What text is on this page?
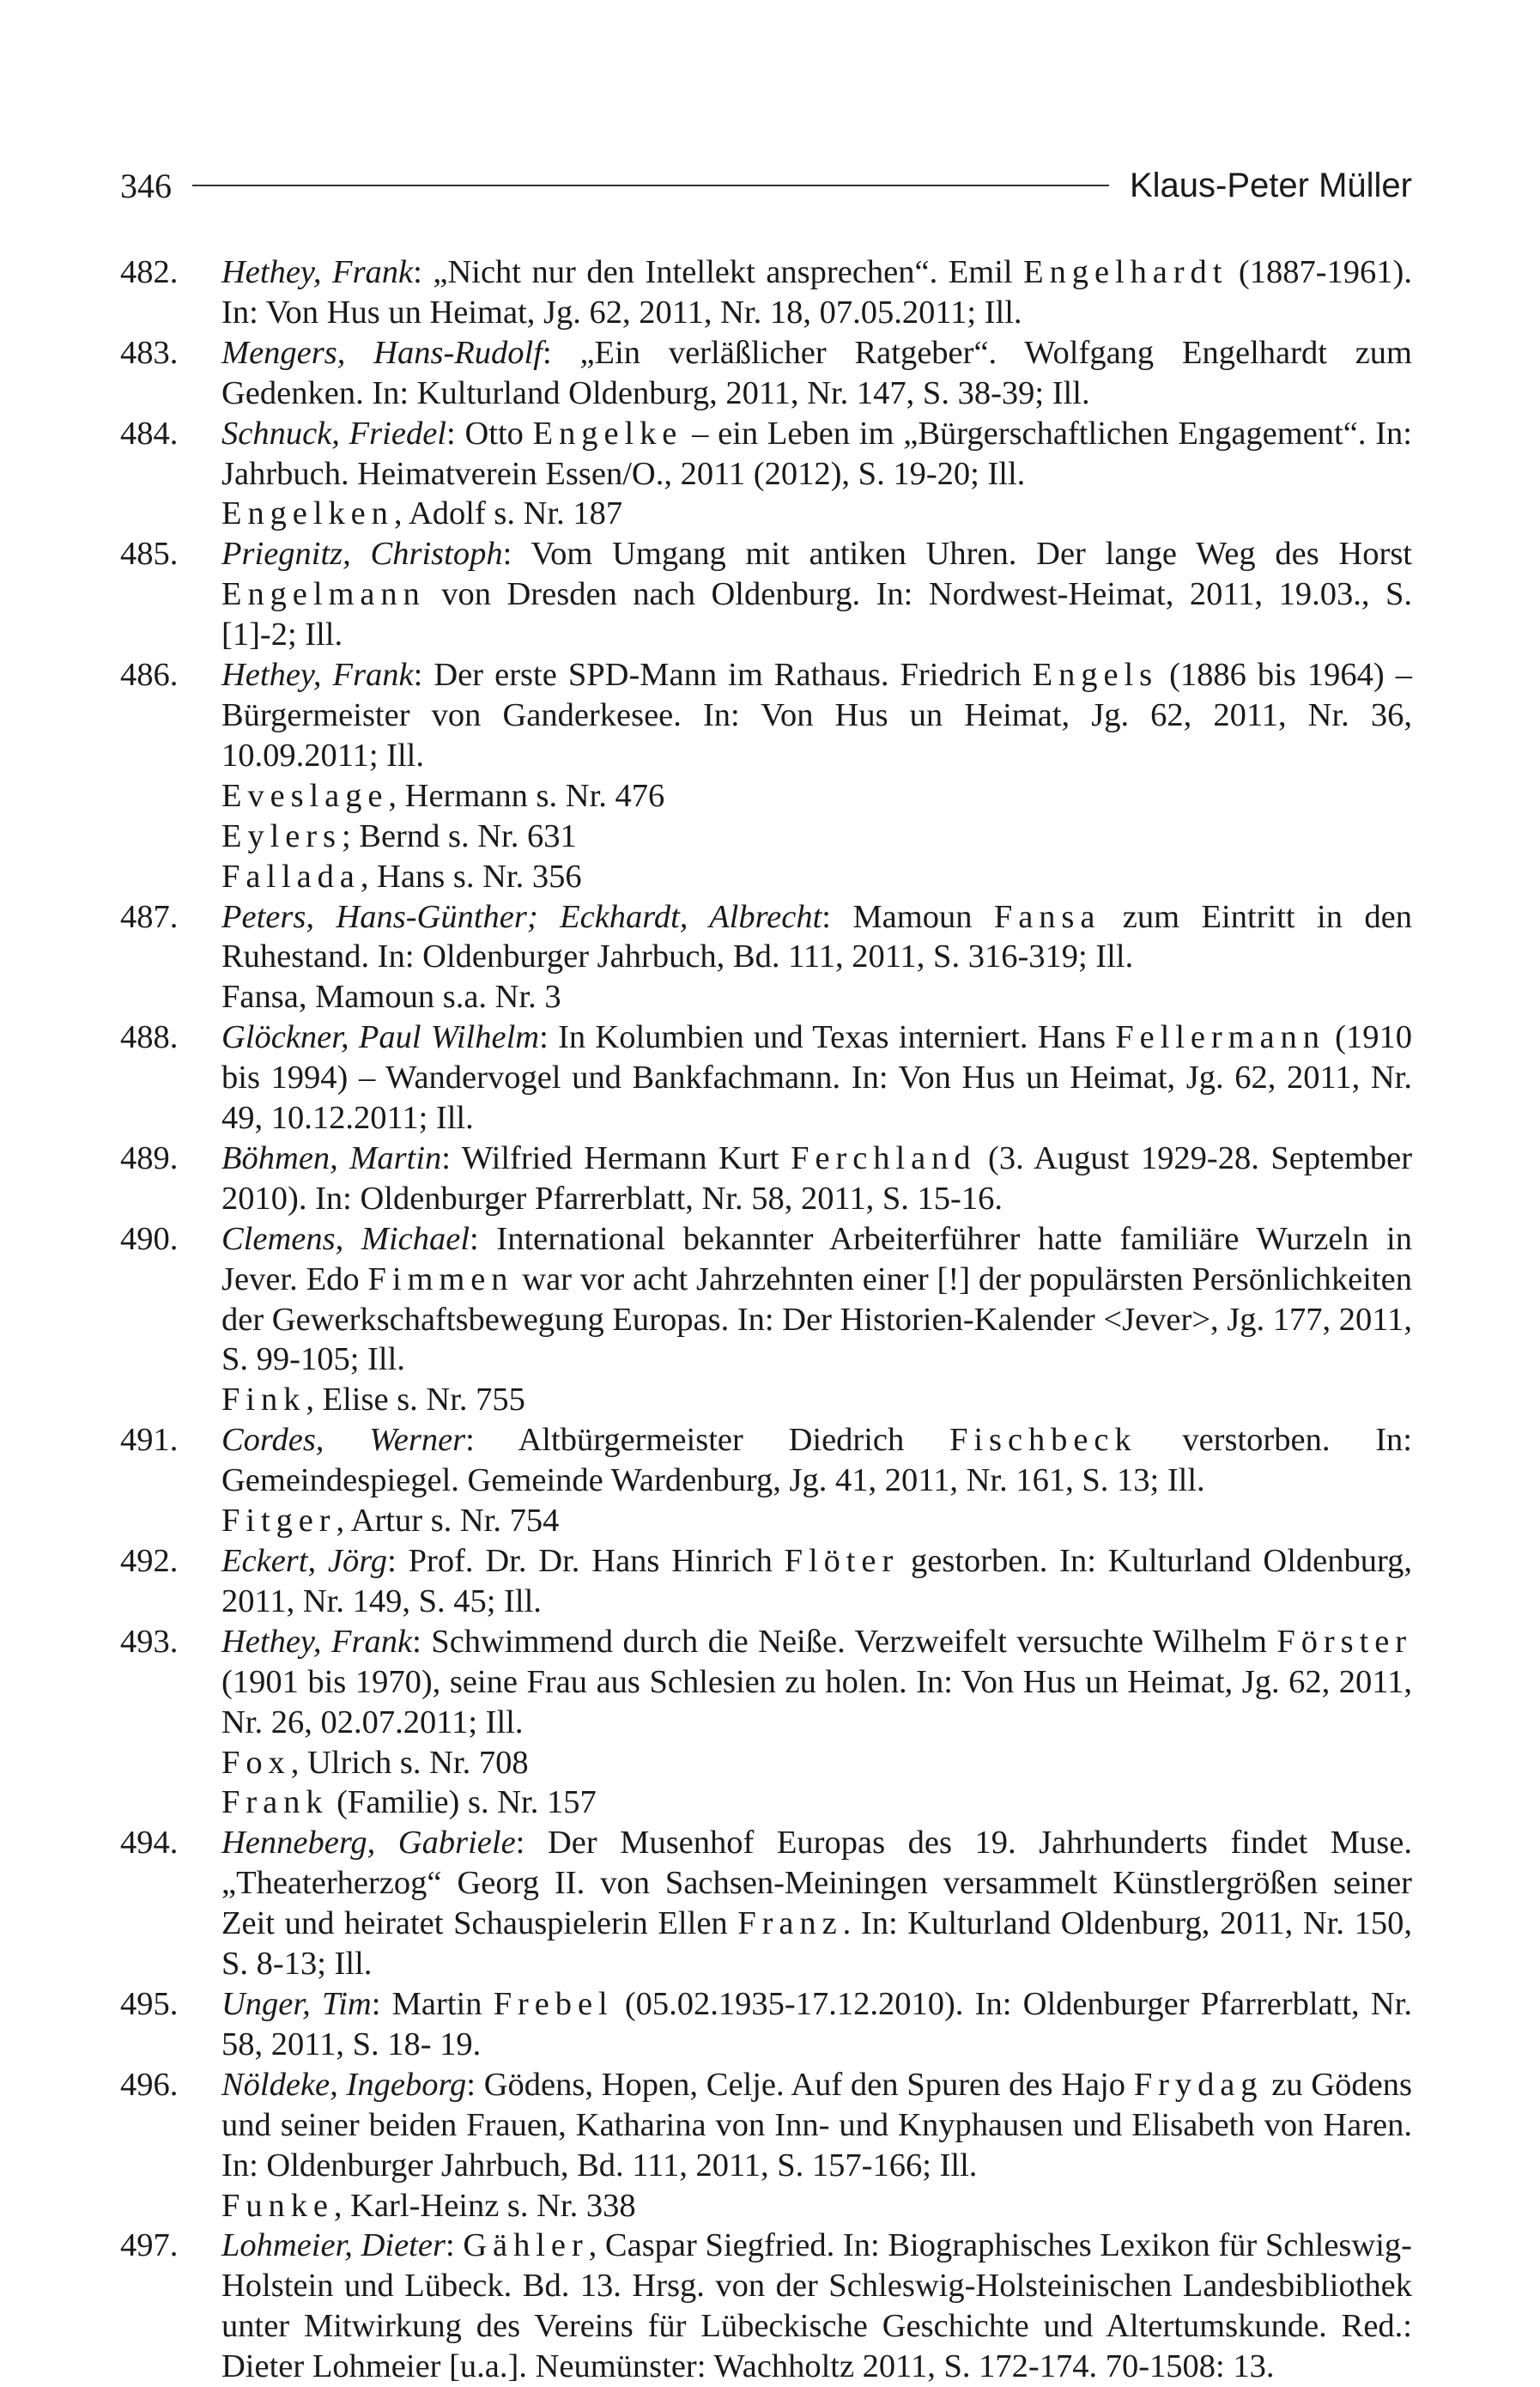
346	Klaus-Peter Müller
482.	Hethey, Frank: „Nicht nur den Intellekt ansprechen“. Emil Engelhardt (1887-1961). In: Von Hus un Heimat, Jg. 62, 2011, Nr. 18, 07.05.2011; Ill.
483.	Mengers, Hans-Rudolf: „Ein verläßlicher Ratgeber“. Wolfgang Engelhardt zum Gedenken. In: Kulturland Oldenburg, 2011, Nr. 147, S. 38-39; Ill.
484.	Schnuck, Friedel: Otto Engelke – ein Leben im „Bürgerschaftlichen Engagement“. In: Jahrbuch. Heimatverein Essen/O., 2011 (2012), S. 19-20; Ill.
Engelken, Adolf s. Nr. 187
485.	Priegnitz, Christoph: Vom Umgang mit antiken Uhren. Der lange Weg des Horst Engelmann von Dresden nach Oldenburg. In: Nordwest-Heimat, 2011, 19.03., S. [1]-2; Ill.
486.	Hethey, Frank: Der erste SPD-Mann im Rathaus. Friedrich Engels (1886 bis 1964) – Bürgermeister von Ganderkesee. In: Von Hus un Heimat, Jg. 62, 2011, Nr. 36, 10.09.2011; Ill.
Eveslage, Hermann s. Nr. 476
Eylers; Bernd s. Nr. 631
Fallada, Hans s. Nr. 356
487.	Peters, Hans-Günther; Eckhardt, Albrecht: Mamoun Fansa zum Eintritt in den Ruhestand. In: Oldenburger Jahrbuch, Bd. 111, 2011, S. 316-319; Ill.
Fansa, Mamoun s.a. Nr. 3
488.	Glöckner, Paul Wilhelm: In Kolumbien und Texas interniert. Hans Fellermann (1910 bis 1994) – Wandervogel und Bankfachmann. In: Von Hus un Heimat, Jg. 62, 2011, Nr. 49, 10.12.2011; Ill.
489.	Böhmen, Martin: Wilfried Hermann Kurt Ferchland (3. August 1929-28. September 2010). In: Oldenburger Pfarrerblatt, Nr. 58, 2011, S. 15-16.
490.	Clemens, Michael: International bekannter Arbeiterführer hatte familiäre Wurzeln in Jever. Edo Fimmen war vor acht Jahrzehnten einer [!] der populärsten Persönlichkeiten der Gewerkschaftsbewegung Europas. In: Der Historien-Kalender <Jever>, Jg. 177, 2011, S. 99-105; Ill.
Fink, Elise s. Nr. 755
491.	Cordes, Werner: Altbürgermeister Diedrich Fischbeck verstorben. In: Gemeindespiegel. Gemeinde Wardenburg, Jg. 41, 2011, Nr. 161, S. 13; Ill.
Fitger, Artur s. Nr. 754
492.	Eckert, Jörg: Prof. Dr. Dr. Hans Hinrich Flöter gestorben. In: Kulturland Oldenburg, 2011, Nr. 149, S. 45; Ill.
493.	Hethey, Frank: Schwimmend durch die Neiße. Verzweifelt versuchte Wilhelm Förster (1901 bis 1970), seine Frau aus Schlesien zu holen. In: Von Hus un Heimat, Jg. 62, 2011, Nr. 26, 02.07.2011; Ill.
Fox, Ulrich s. Nr. 708
Frank (Familie) s. Nr. 157
494.	Henneberg, Gabriele: Der Musenhof Europas des 19. Jahrhunderts findet Muse. „Theaterherzog“ Georg II. von Sachsen-Meiningen versammelt Künstlergrößen seiner Zeit und heiratet Schauspielerin Ellen Franz. In: Kulturland Oldenburg, 2011, Nr. 150, S. 8-13; Ill.
495.	Unger, Tim: Martin Frebel (05.02.1935-17.12.2010). In: Oldenburger Pfarrerblatt, Nr. 58, 2011, S. 18- 19.
496.	Nöldeke, Ingeborg: Gödens, Hopen, Celje. Auf den Spuren des Hajo Frydag zu Gödens und seiner beiden Frauen, Katharina von Inn- und Knyphausen und Elisabeth von Haren. In: Oldenburger Jahrbuch, Bd. 111, 2011, S. 157-166; Ill.
Funke, Karl-Heinz s. Nr. 338
497.	Lohmeier, Dieter: Gähler, Caspar Siegfried. In: Biographisches Lexikon für Schleswig-Holstein und Lübeck. Bd. 13. Hrsg. von der Schleswig-Holsteinischen Landesbibliothek unter Mitwirkung des Vereins für Lübeckische Geschichte und Altertumskunde. Red.: Dieter Lohmeier [u.a.]. Neumünster: Wachholtz 2011, S. 172-174. 70-1508: 13.
